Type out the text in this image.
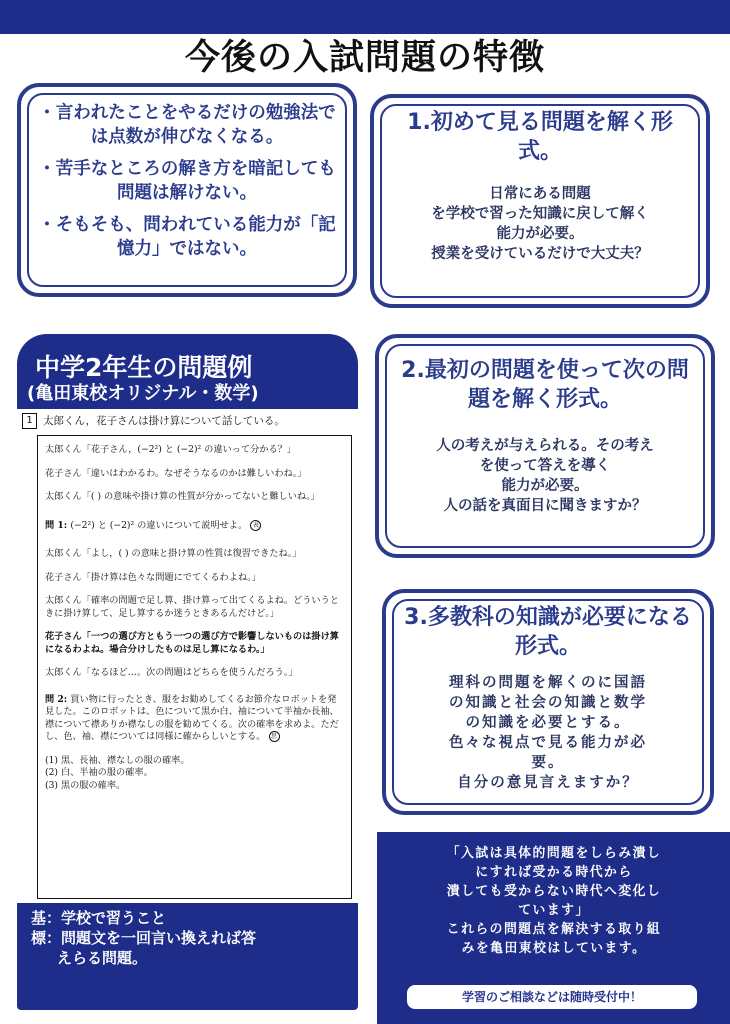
今後の入試問題の特徴

・言われたことをやるだけの勉強法では点数が伸びなくなる。

・苦手なところの解き方を暗記しても問題は解けない。

・そもそも、問われている能力が「記憶力」ではない。

1.初めて見る問題を解く形式。

日常にある問題
を学校で習った知識に戻して解く
能力が必要。
授業を受けているだけで大丈夫？

中学2年生の問題例
(亀田東校オリジナル・数学)
1 太郎くん，花子さんは掛け算について話している。

太郎くん「花子さん，(−2²) と (−2)² の違いって分かる？」

花子さん「違いはわかるわ。なぜそうなるのかは難しいわね。」

太郎くん「( ) の意味や掛け算の性質が分かってないと難しいね。」

問 1: (−2²) と (−2)² の違いについて説明せよ。 表

太郎くん「よし，( ) の意味と掛け算の性質は復習できたね。」

花子さん「掛け算は色々な問題にでてくるわよね。」

太郎くん「確率の問題で足し算、掛け算って出てくるよね。どういうときに掛け算して、足し算するか迷うときあるんだけど。」

花子さん「一つの選び方ともう一つの選び方で影響しないものは掛け算になるわよね。場合分けしたものは足し算になるわ。」

太郎くん「なるほど…。次の問題はどちらを使うんだろう。」

問 2: 買い物に行ったとき、服をお勧めしてくるお節介なロボットを発見した。このロボットは、色について黒か白、袖について半袖か長袖、襟について襟ありか襟なしの服を勧めてくる。次の確率を求めよ。ただし、色、袖、襟については同様に確からしいとする。 思

(1) 黒、長袖、襟なしの服の確率。

(2) 白、半袖の服の確率。

(3) 黒の服の確率。

基：学校で習うこと
標：問題文を一回言い換えれば答
えらる問題。

2.最初の問題を使って次の問題を解く形式。

人の考えが与えられる。その考え
を使って答えを導く
能力が必要。
人の話を真面目に聞きますか？

3.多教科の知識が必要になる形式。

理科の問題を解くのに国語
の知識と社会の知識と数学
の知識を必要とする。
色々な視点で見る能力が必
要。
自分の意見言えますか？

「入試は具体的問題をしらみ潰し
にすれば受かる時代から
潰しても受からない時代へ変化し
ています」
これらの問題点を解決する取り組
みを亀田東校はしています。
学習のご相談などは随時受付中！
